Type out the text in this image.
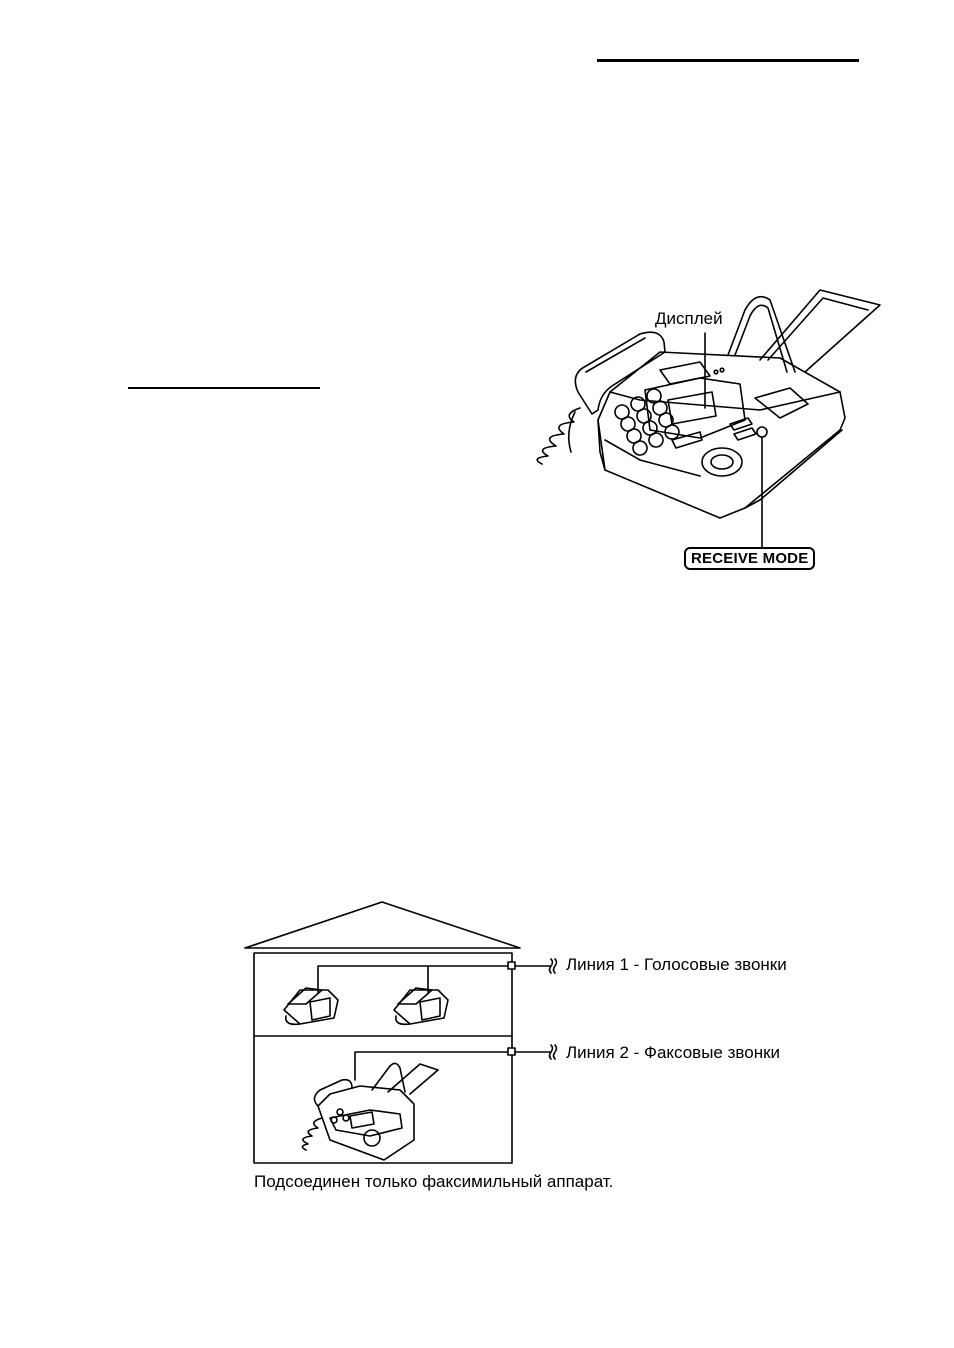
Дисплей
RECEIVE MODE
Линия 1 - Голосовые звонки
Линия 2 - Факсовые звонки
Подсоединен только факсимильный аппарат.
